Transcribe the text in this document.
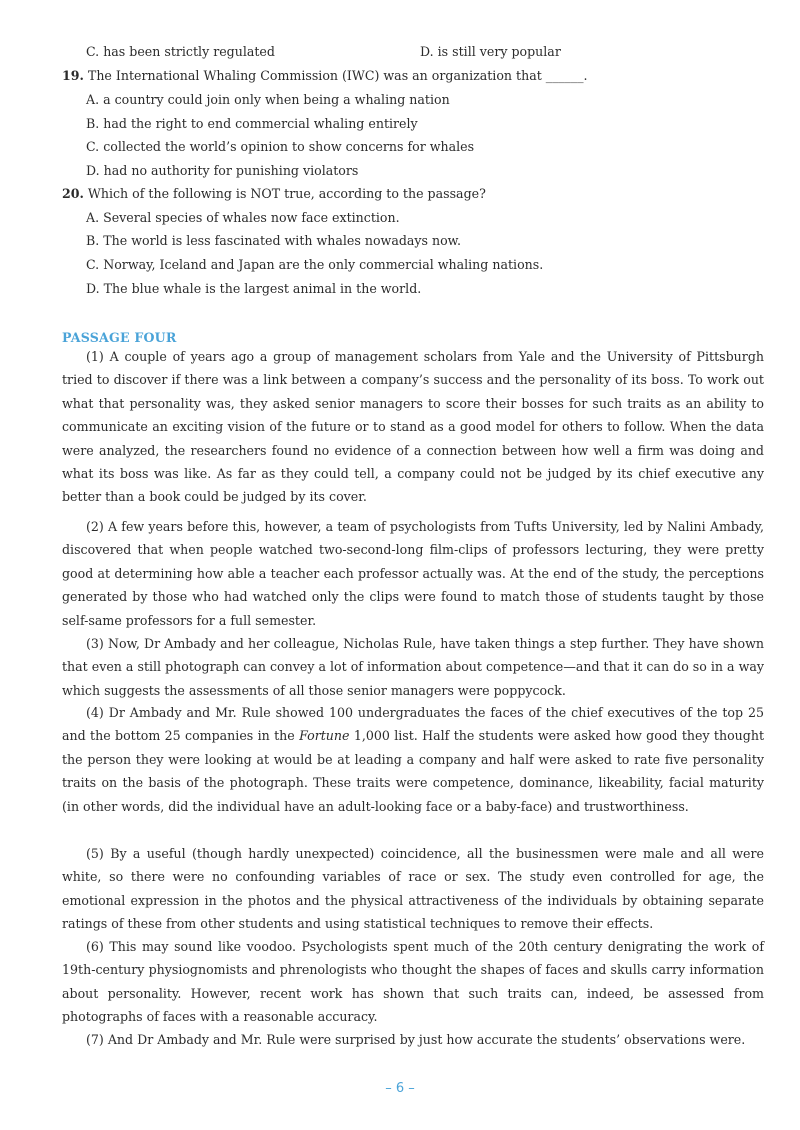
C. has been strictly regulated	D. is still very popular
19. The International Whaling Commission (IWC) was an organization that ______.
A. a country could join only when being a whaling nation
B. had the right to end commercial whaling entirely
C. collected the world’s opinion to show concerns for whales
D. had no authority for punishing violators
20. Which of the following is NOT true, according to the passage?
A. Several species of whales now face extinction.
B. The world is less fascinated with whales nowadays now.
C. Norway, Iceland and Japan are the only commercial whaling nations.
D. The blue whale is the largest animal in the world.
PASSAGE FOUR

(1) A couple of years ago a group of management scholars from Yale and the University of Pittsburgh tried to discover if there was a link between a company’s success and the personality of its boss. To work out what that personality was, they asked senior managers to score their bosses for such traits as an ability to communicate an exciting vision of the future or to stand as a good model for others to follow. When the data were analyzed, the researchers found no evidence of a connection between how well a firm was doing and what its boss was like. As far as they could tell, a company could not be judged by its chief executive any better than a book could be judged by its cover.

(2) A few years before this, however, a team of psychologists from Tufts University, led by Nalini Ambady, discovered that when people watched two-second-long film-clips of professors lecturing, they were pretty good at determining how able a teacher each professor actually was. At the end of the study, the perceptions generated by those who had watched only the clips were found to match those of students taught by those self-same professors for a full semester.

(3) Now, Dr Ambady and her colleague, Nicholas Rule, have taken things a step further. They have shown that even a still photograph can convey a lot of information about competence—and that it can do so in a way which suggests the assessments of all those senior managers were poppycock.

(4) Dr Ambady and Mr. Rule showed 100 undergraduates the faces of the chief executives of the top 25 and the bottom 25 companies in the Fortune 1,000 list. Half the students were asked how good they thought the person they were looking at would be at leading a company and half were asked to rate five personality traits on the basis of the photograph. These traits were competence, dominance, likeability, facial maturity (in other words, did the individual have an adult-looking face or a baby-face) and trustworthiness.

(5) By a useful (though hardly unexpected) coincidence, all the businessmen were male and all were white, so there were no confounding variables of race or sex. The study even controlled for age, the emotional expression in the photos and the physical attractiveness of the individuals by obtaining separate ratings of these from other students and using statistical techniques to remove their effects.

(6) This may sound like voodoo. Psychologists spent much of the 20th century denigrating the work of 19th-century physiognomists and phrenologists who thought the shapes of faces and skulls carry information about personality. However, recent work has shown that such traits can, indeed, be assessed from photographs of faces with a reasonable accuracy.

(7) And Dr Ambady and Mr. Rule were surprised by just how accurate the students’ observations were.

– 6 –
